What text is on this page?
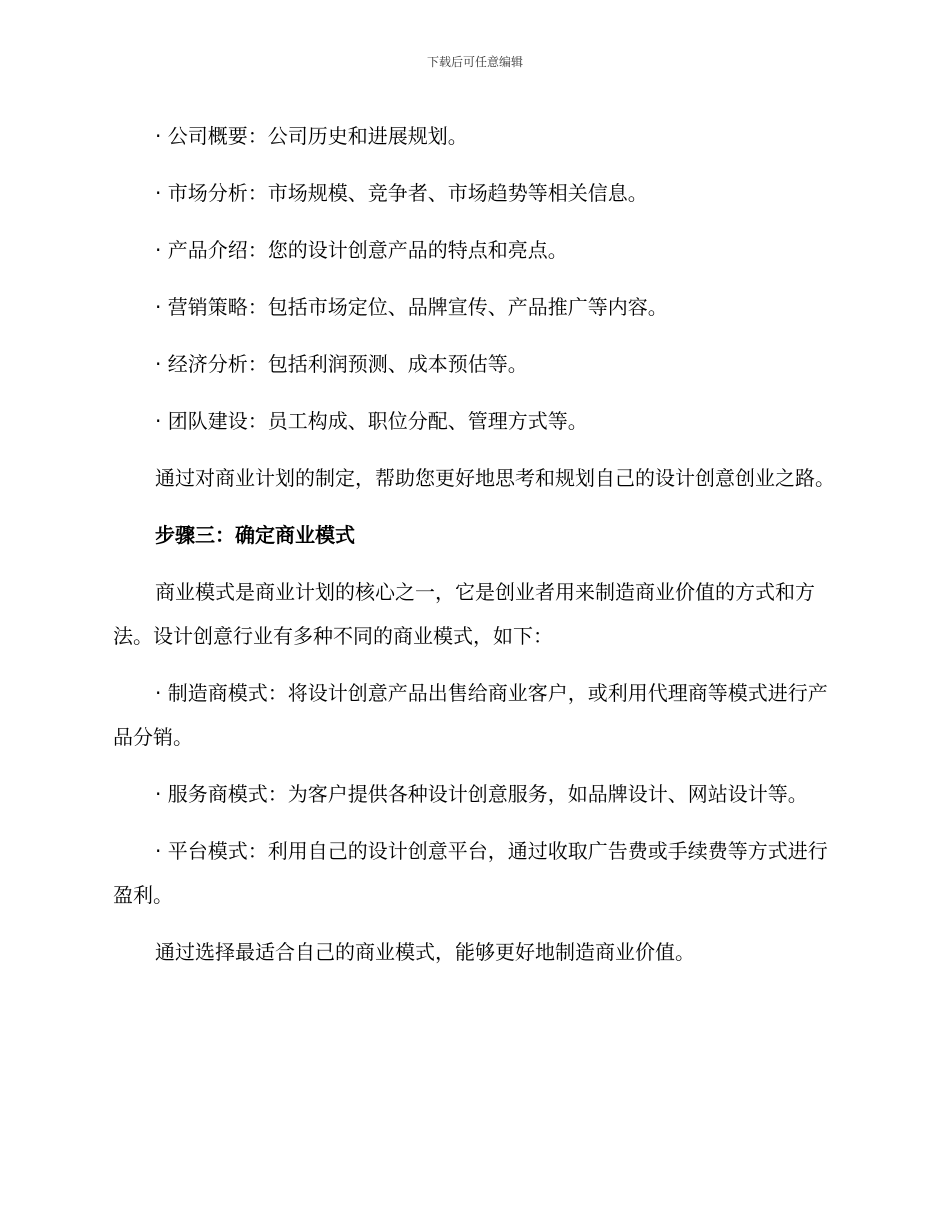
下载后可任意编辑

· 公司概要：公司历史和进展规划。

· 市场分析：市场规模、竞争者、市场趋势等相关信息。

· 产品介绍：您的设计创意产品的特点和亮点。

· 营销策略：包括市场定位、品牌宣传、产品推广等内容。

· 经济分析：包括利润预测、成本预估等。

· 团队建设：员工构成、职位分配、管理方式等。

通过对商业计划的制定，帮助您更好地思考和规划自己的设计创意创业之路。

步骤三：确定商业模式

商业模式是商业计划的核心之一，它是创业者用来制造商业价值的方式和方法。设计创意行业有多种不同的商业模式，如下：

· 制造商模式：将设计创意产品出售给商业客户，或利用代理商等模式进行产品分销。

· 服务商模式：为客户提供各种设计创意服务，如品牌设计、网站设计等。

· 平台模式：利用自己的设计创意平台，通过收取广告费或手续费等方式进行盈利。

通过选择最适合自己的商业模式，能够更好地制造商业价值。
